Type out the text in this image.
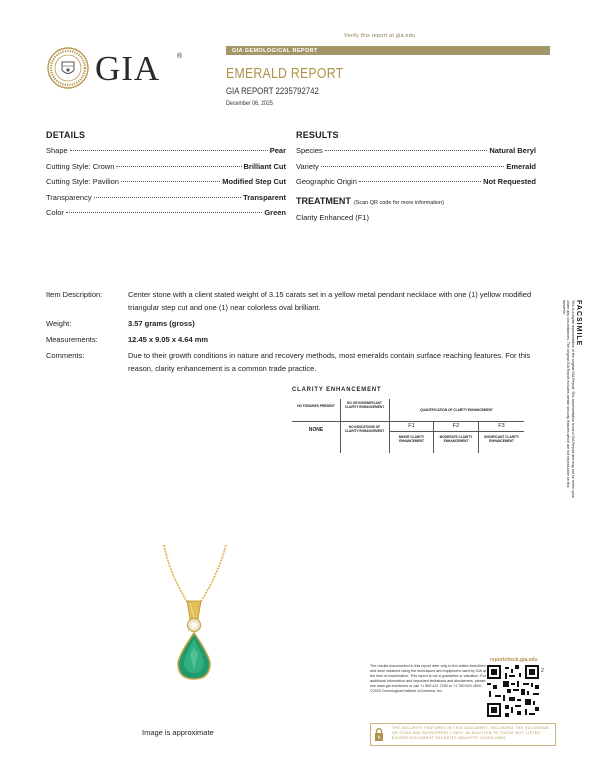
Verify this report at gia.edu
GIA ®
GIA GEMOLOGICAL REPORT
EMERALD REPORT
GIA REPORT 2235792742
December 06, 2025
DETAILS
Shape	Pear
Cutting Style: Crown	Brilliant Cut
Cutting Style: Pavilion	Modified Step Cut
Transparency	Transparent
Color	Green
RESULTS
Species	Natural Beryl
Variety	Emerald
Geographic Origin	Not Requested
TREATMENT (Scan QR code for more information)
Clarity Enhanced (F1)
Item Description:	Center stone with a client stated weight of 3.15 carats set in a yellow metal pendant necklace with one (1) yellow modified triangular step cut and one (1) near colorless oval brilliant.
Weight:	3.57 grams (gross)
Measurements:	12.45 x 9.05 x 4.64 mm
Comments:	Due to their growth conditions in nature and recovery methods, most emeralds contain surface reaching features. For this reason, clarity enhancement is a common trade practice.
CLARITY ENHANCEMENT
NO FISSURES PRESENT
NONE
NO OR INSIGNIFICANT CLARITY ENHANCEMENT
NO INDICATIONS OF CLARITY ENHANCEMENT
QUANTIFICATION OF CLARITY ENHANCEMENT
F1	F2	F3
MINOR CLARITY ENHANCEMENT
MODERATE CLARITY ENHANCEMENT
SIGNIFICANT CLARITY ENHANCEMENT
FACSIMILE
This is a digital representation of the original GIA Report. This representation is not a GIA Report and may not be relied upon under any circumstances. The original GIA Report includes certain security features which are not reproducible on this facsimile.
Image is approximate
The results documented in this report refer only to the article described, and were obtained using the techniques and equipment used by GIA at the time of examination. This report is not a guarantee or valuation. For additional information and important limitations and disclaimers, please see www.gia.edu/terms or call +1 800 421 7250 or +1 760 603 4500. ©2023 Gemological Institute of America, Inc.
reportcheck.gia.edu
2
THE SECURITY FEATURES IN THIS DOCUMENT, INCLUDING THE HOLOGRAM, QR CODE AND MICROPRINT LINES, IN ADDITION TO THOSE NOT LISTED, EXCEED DOCUMENT SECURITY INDUSTRY GUIDELINES.
